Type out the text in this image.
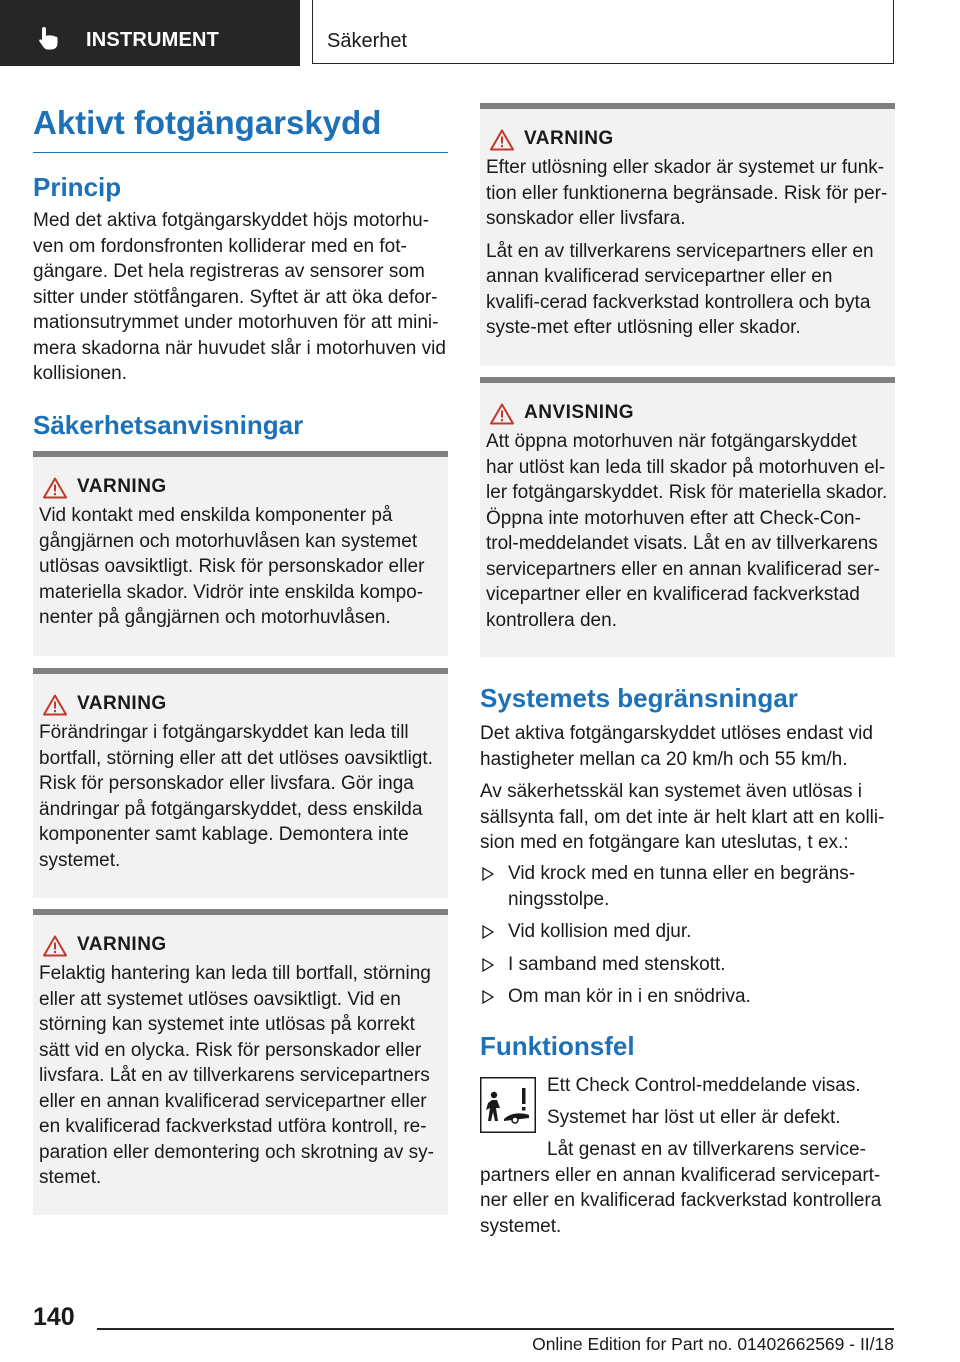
INSTRUMENT	Säkerhet
Aktivt fotgängarskydd
Princip

Med det aktiva fotgängarskyddet höjs motorhu-ven om fordonsfronten kolliderar med en fot-gängare. Det hela registreras av sensorer som sitter under stötfångaren. Syftet är att öka defor-mationsutrymmet under motorhuven för att mini-mera skadorna när huvudet slår i motorhuven vid kollisionen.

Säkerhetsanvisningar
VARNING

Vid kontakt med enskilda komponenter på gångjärnen och motorhuvlåsen kan systemet utlösas oavsiktligt. Risk för personskador eller materiella skador. Vidrör inte enskilda kompo-nenter på gångjärnen och motorhuvlåsen.

VARNING

Förändringar i fotgängarskyddet kan leda till bortfall, störning eller att det utlöses oavsiktligt. Risk för personskador eller livsfara. Gör inga ändringar på fotgängarskyddet, dess enskilda komponenter samt kablage. Demontera inte systemet.

VARNING

Felaktig hantering kan leda till bortfall, störning eller att systemet utlöses oavsiktligt. Vid en störning kan systemet inte utlösas på korrekt sätt vid en olycka. Risk för personskador eller livsfara. Låt en av tillverkarens servicepartners eller en annan kvalificerad servicepartner eller en kvalificerad fackverkstad utföra kontroll, re-paration eller demontering och skrotning av sy-stemet.

VARNING

Efter utlösning eller skador är systemet ur funk-tion eller funktionerna begränsade. Risk för per-sonskador eller livsfara.

Låt en av tillverkarens servicepartners eller en annan kvalificerad servicepartner eller en kvalifi-cerad fackverkstad kontrollera och byta syste-met efter utlösning eller skador.

ANVISNING

Att öppna motorhuven när fotgängarskyddet har utlöst kan leda till skador på motorhuven el-ler fotgängarskyddet. Risk för materiella skador. Öppna inte motorhuven efter att Check-Con-trol-meddelandet visats. Låt en av tillverkarens servicepartners eller en annan kvalificerad ser-vicepartner eller en kvalificerad fackverkstad kontrollera den.

Systemets begränsningar

Det aktiva fotgängarskyddet utlöses endast vid hastigheter mellan ca 20 km/h och 55 km/h.

Av säkerhetsskäl kan systemet även utlösas i sällsynta fall, om det inte är helt klart att en kolli-sion med en fotgängare kan uteslutas, t ex.:

Vid krock med en tunna eller en begräns-ningsstolpe.
Vid kollision med djur.
I samband med stenskott.
Om man kör in i en snödriva.
Funktionsfel

Ett Check Control-meddelande visas.

Systemet har löst ut eller är defekt.

Låt genast en av tillverkarens service-partners eller en annan kvalificerad servicepart-ner eller en kvalificerad fackverkstad kontrollera systemet.

140
Online Edition for Part no. 01402662569 - II/18
